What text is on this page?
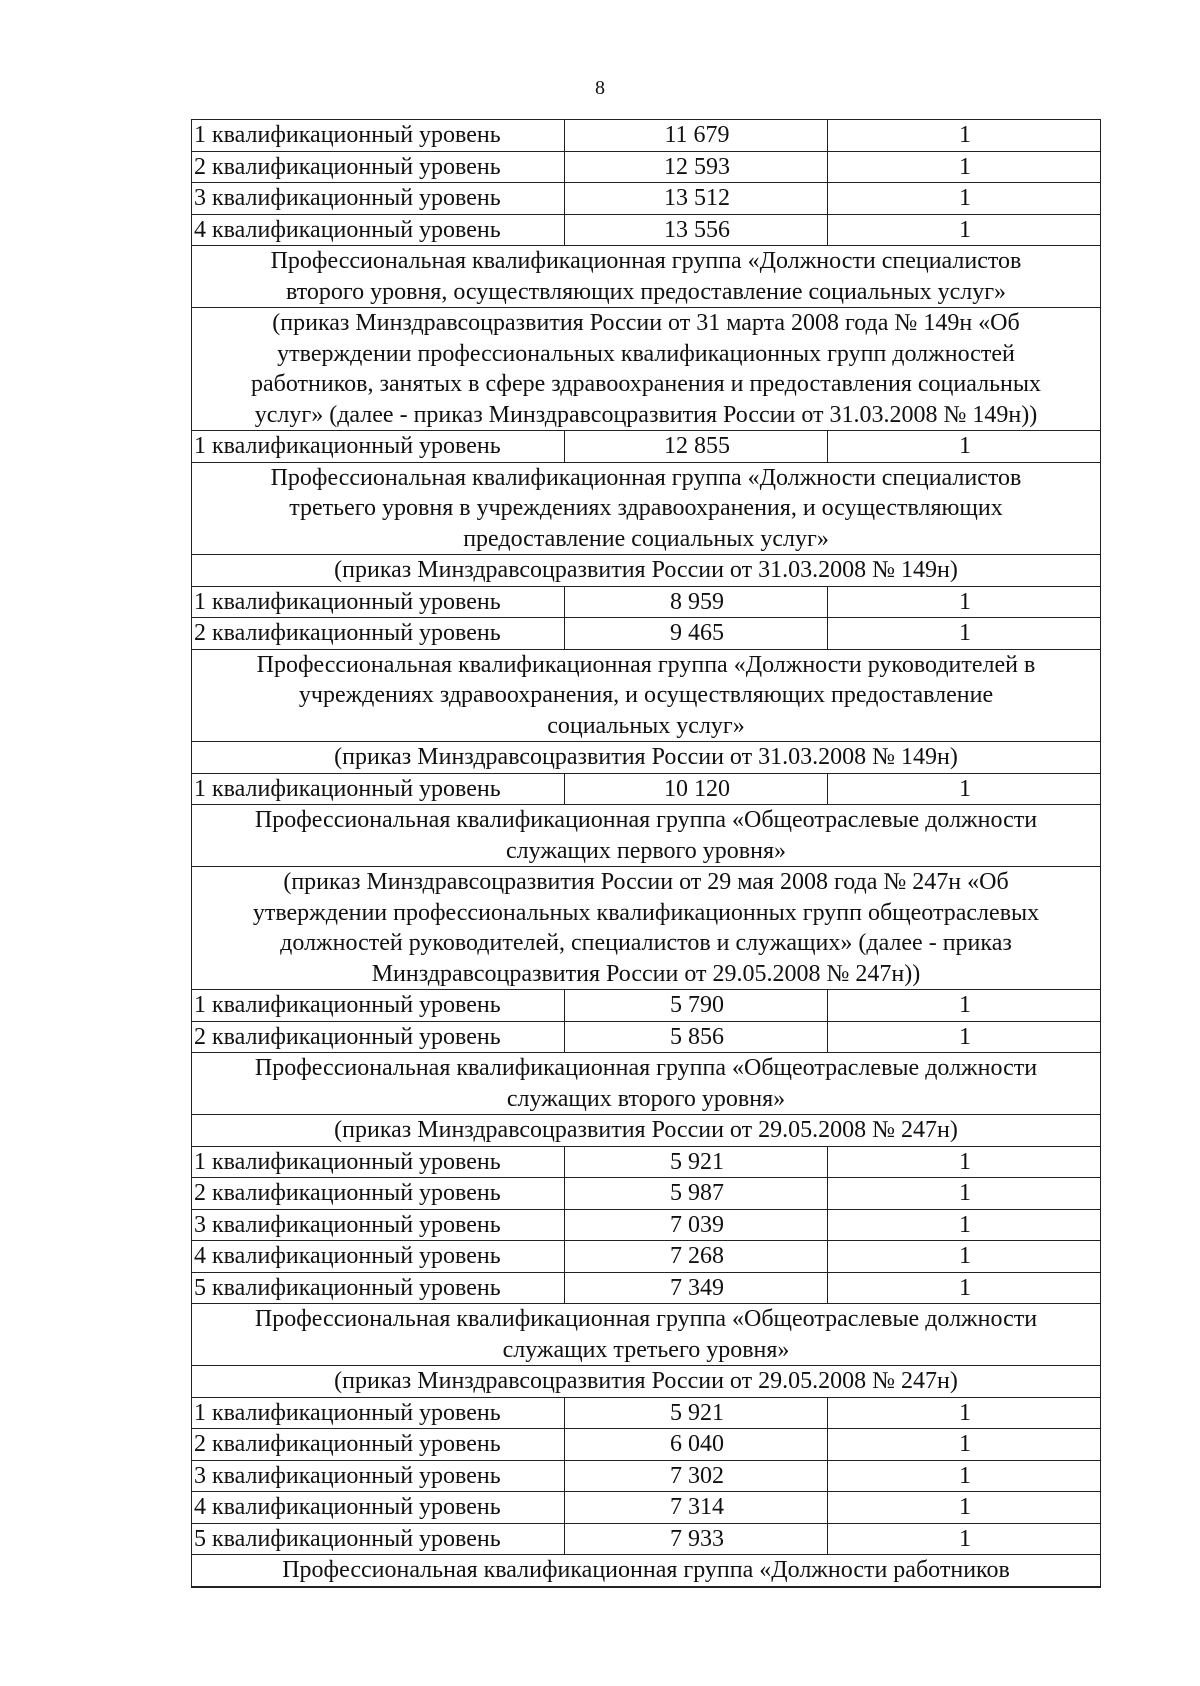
8
1 квалификационный уровень	11 679	1
2 квалификационный уровень	12 593	1
3 квалификационный уровень	13 512	1
4 квалификационный уровень	13 556	1

Профессиональная квалификационная группа «Должности специалистов
второго уровня, осуществляющих предоставление социальных услуг»		

(приказ Минздравсоцразвития России от 31 марта 2008 года № 149н «Об
утверждении профессиональных квалификационных групп должностей
работников, занятых в сфере здравоохранения и предоставления социальных
услуг» (далее - приказ Минздравсоцразвития России от 31.03.2008 № 149н))		

1 квалификационный уровень	12 855	1

Профессиональная квалификационная группа «Должности специалистов
третьего уровня в учреждениях здравоохранения, и осуществляющих
предоставление социальных услуг»		

(приказ Минздравсоцразвития России от 31.03.2008 № 149н)		

1 квалификационный уровень	8 959	1
2 квалификационный уровень	9 465	1

Профессиональная квалификационная группа «Должности руководителей в
учреждениях здравоохранения, и осуществляющих предоставление
социальных услуг»		

(приказ Минздравсоцразвития России от 31.03.2008 № 149н)		

1 квалификационный уровень	10 120	1

Профессиональная квалификационная группа «Общеотраслевые должности
служащих первого уровня»		

(приказ Минздравсоцразвития России от 29 мая 2008 года № 247н «Об
утверждении профессиональных квалификационных групп общеотраслевых
должностей руководителей, специалистов и служащих» (далее - приказ
Минздравсоцразвития России от 29.05.2008 № 247н))		

1 квалификационный уровень	5 790	1
2 квалификационный уровень	5 856	1

Профессиональная квалификационная группа «Общеотраслевые должности
служащих второго уровня»		

(приказ Минздравсоцразвития России от 29.05.2008 № 247н)		

1 квалификационный уровень	5 921	1
2 квалификационный уровень	5 987	1
3 квалификационный уровень	7 039	1
4 квалификационный уровень	7 268	1
5 квалификационный уровень	7 349	1

Профессиональная квалификационная группа «Общеотраслевые должности
служащих третьего уровня»		

(приказ Минздравсоцразвития России от 29.05.2008 № 247н)		

1 квалификационный уровень	5 921	1
2 квалификационный уровень	6 040	1
3 квалификационный уровень	7 302	1
4 квалификационный уровень	7 314	1
5 квалификационный уровень	7 933	1

Профессиональная квалификационная группа «Должности работников		
